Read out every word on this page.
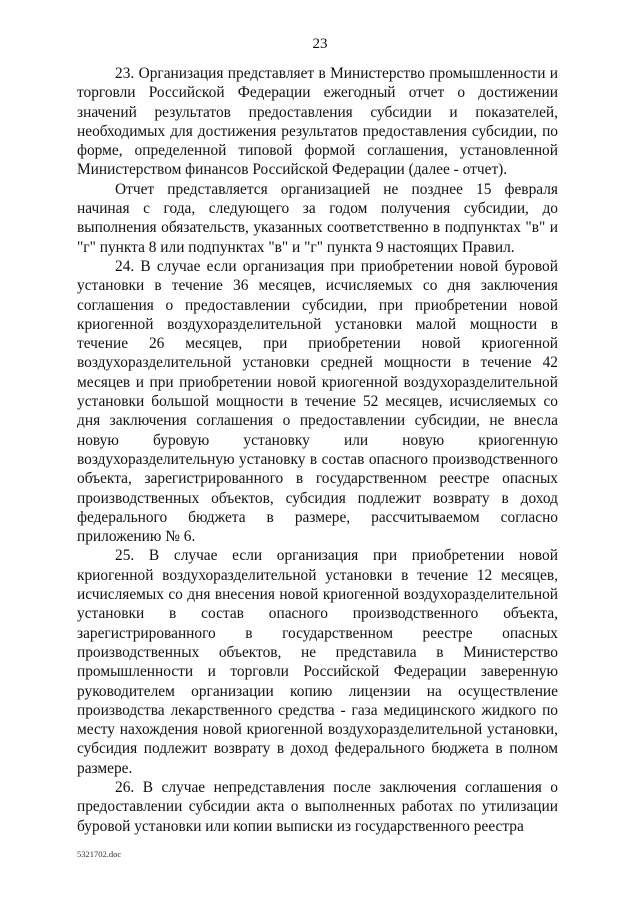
23

23. Организация представляет в Министерство промышленности и торговли Российской Федерации ежегодный отчет о достижении значений результатов предоставления субсидии и показателей, необходимых для достижения результатов предоставления субсидии, по форме, определенной типовой формой соглашения, установленной Министерством финансов Российской Федерации (далее - отчет).

Отчет представляется организацией не позднее 15 февраля начиная с года, следующего за годом получения субсидии, до выполнения обязательств, указанных соответственно в подпунктах "в" и "г" пункта 8 или подпунктах "в" и "г" пункта 9 настоящих Правил.

24. В случае если организация при приобретении новой буровой установки в течение 36 месяцев, исчисляемых со дня заключения соглашения о предоставлении субсидии, при приобретении новой криогенной воздухоразделительной установки малой мощности в течение 26 месяцев, при приобретении новой криогенной воздухоразделительной установки средней мощности в течение 42 месяцев и при приобретении новой криогенной воздухоразделительной установки большой мощности в течение 52 месяцев, исчисляемых со дня заключения соглашения о предоставлении субсидии, не внесла новую буровую установку или новую криогенную воздухоразделительную установку в состав опасного производственного объекта, зарегистрированного в государственном реестре опасных производственных объектов, субсидия подлежит возврату в доход федерального бюджета в размере, рассчитываемом согласно приложению № 6.

25. В случае если организация при приобретении новой криогенной воздухоразделительной установки в течение 12 месяцев, исчисляемых со дня внесения новой криогенной воздухоразделительной установки в состав опасного производственного объекта, зарегистрированного в государственном реестре опасных производственных объектов, не представила в Министерство промышленности и торговли Российской Федерации заверенную руководителем организации копию лицензии на осуществление производства лекарственного средства - газа медицинского жидкого по месту нахождения новой криогенной воздухоразделительной установки, субсидия подлежит возврату в доход федерального бюджета в полном размере.

26. В случае непредставления после заключения соглашения о предоставлении субсидии акта о выполненных работах по утилизации буровой установки или копии выписки из государственного реестра

5321702.doc
